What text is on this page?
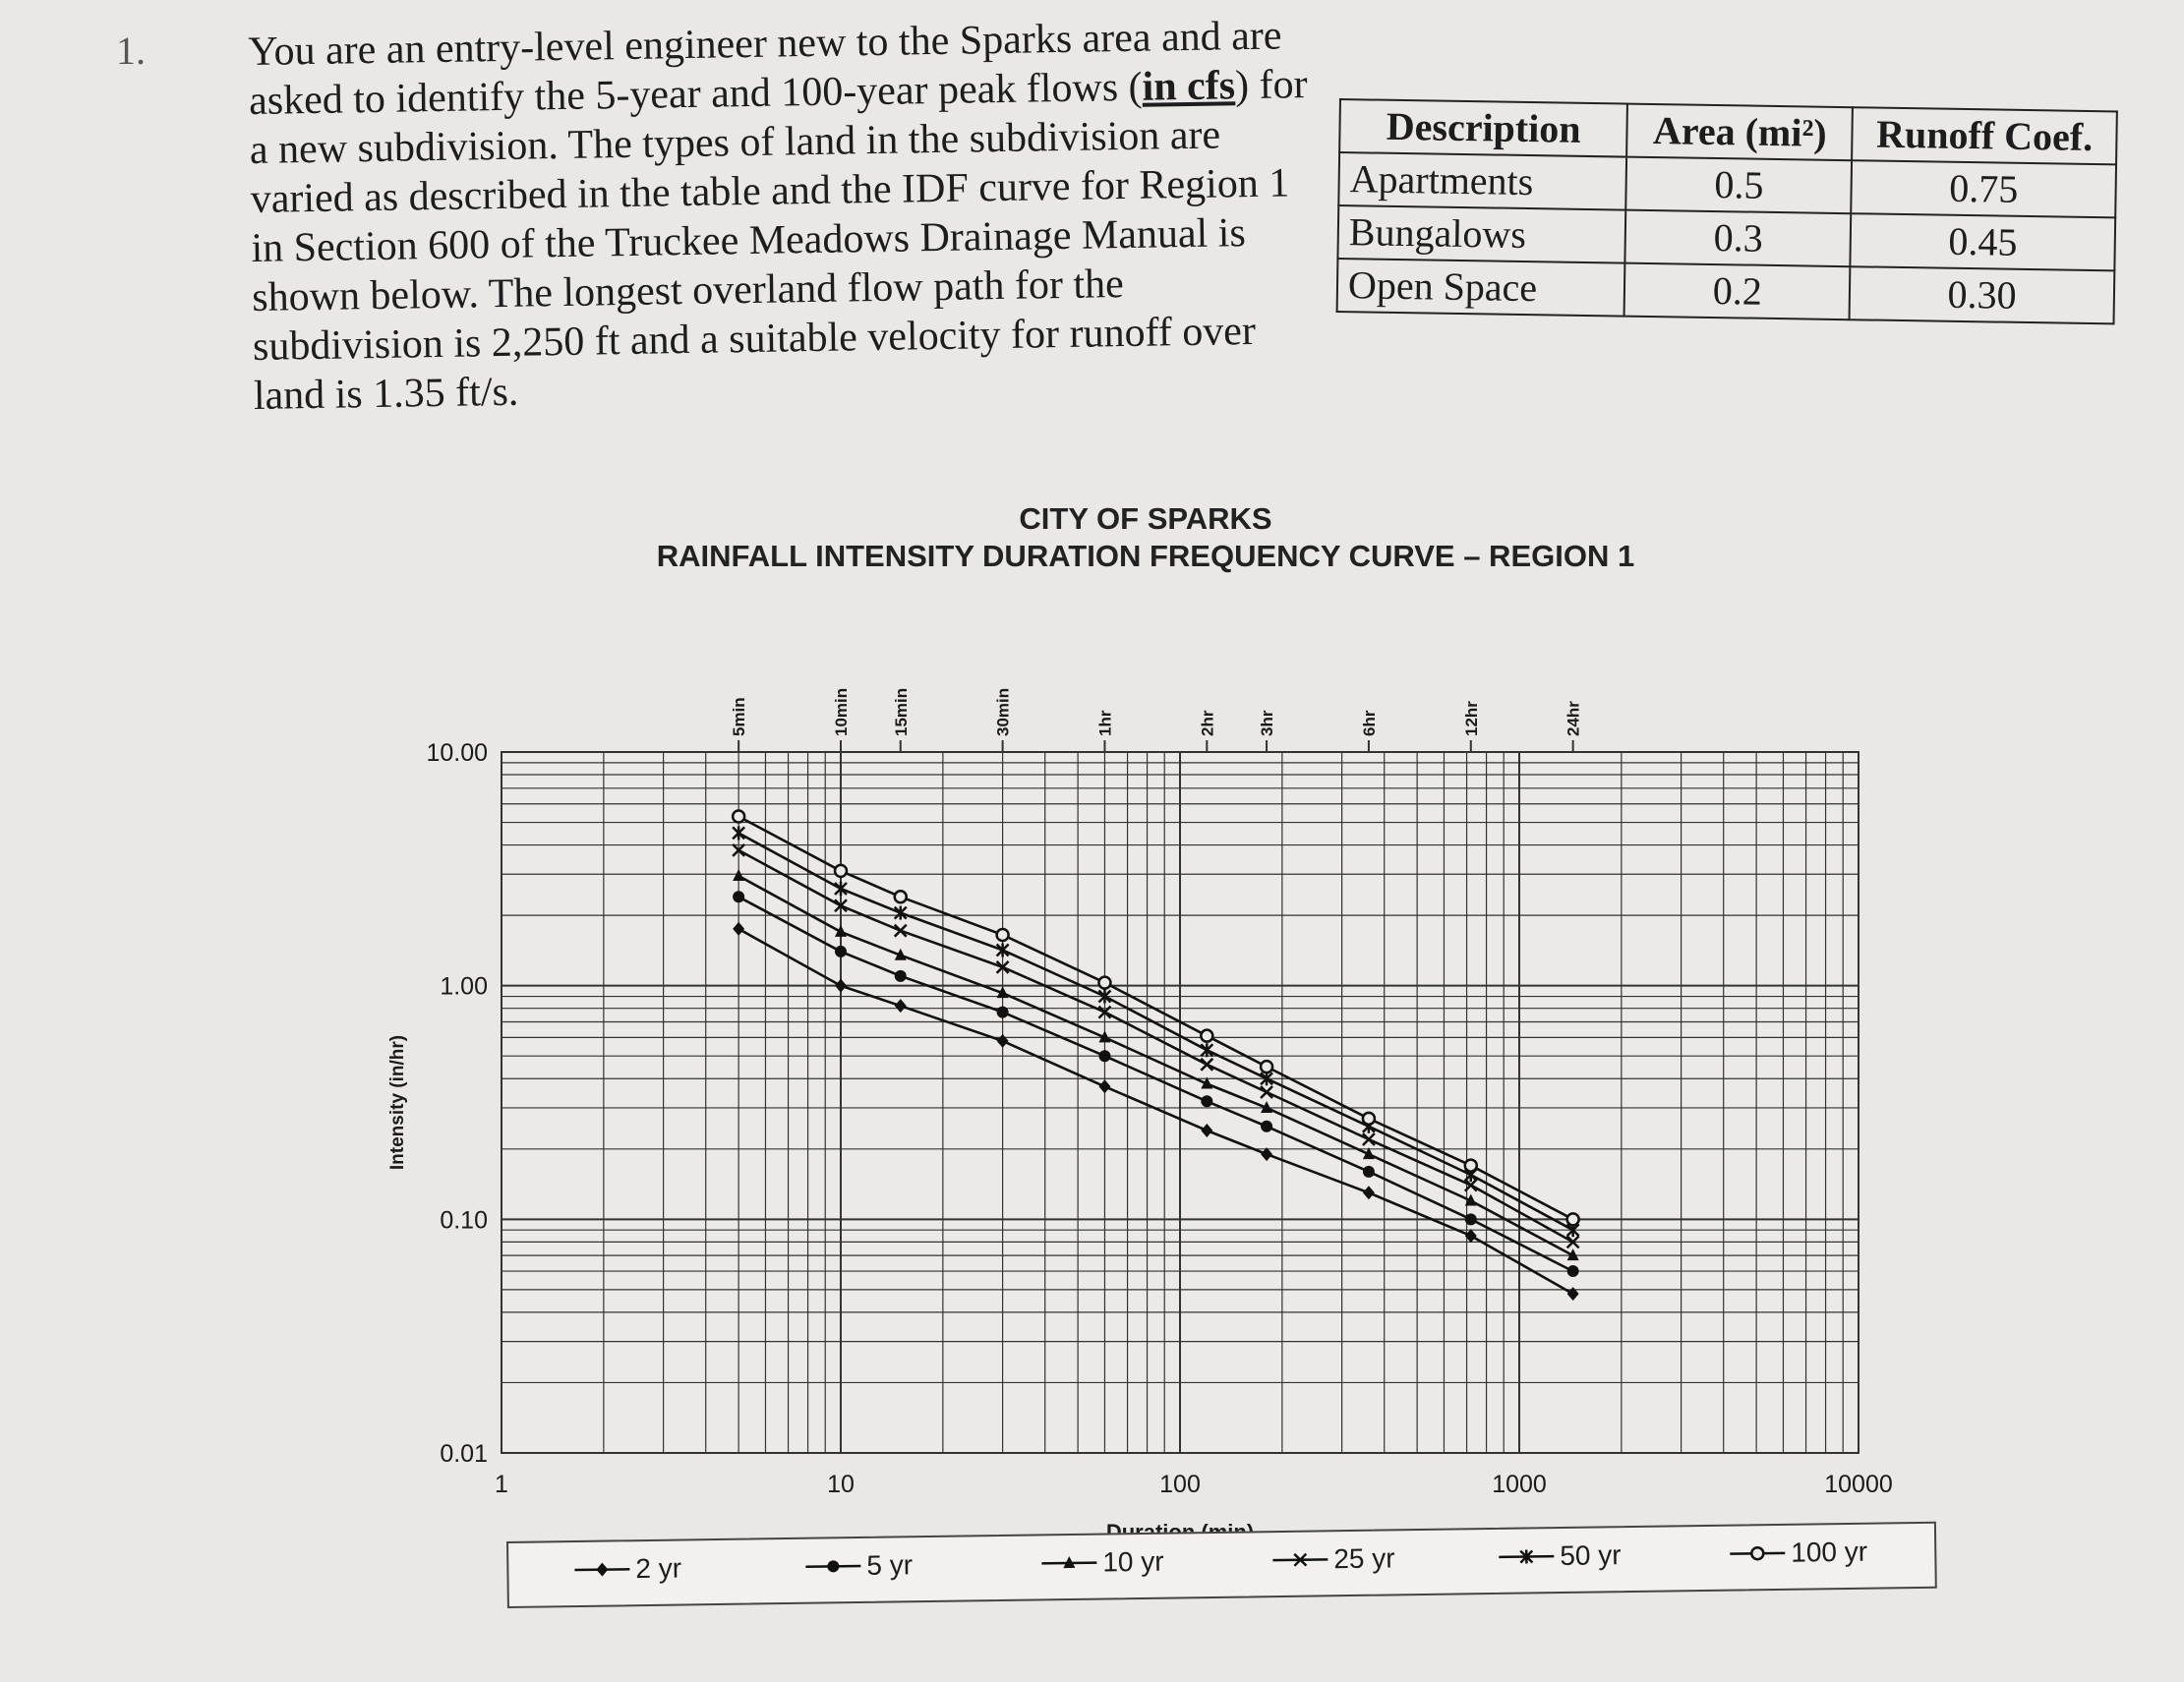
1. You are an entry-level engineer new to the Sparks area and are asked to identify the 5-year and 100-year peak flows (in cfs) for a new subdivision. The types of land in the subdivision are varied as described in the table and the IDF curve for Region 1 in Section 600 of the Truckee Meadows Drainage Manual is shown below. The longest overland flow path for the subdivision is 2,250 ft and a suitable velocity for runoff over land is 1.35 ft/s.
Description	Area (mi²)	Runoff Coef.
Apartments	0.5	0.75
Bungalows	0.3	0.45
Open Space	0.2	0.30
CITY OF SPARKS
RAINFALL INTENSITY DURATION FREQUENCY CURVE – REGION 1
0.01
0.10
1.00
10.00
1	10	100	1000	10000
Intensity (in/hr)
5min	10min 15min	30min	1hr	2hr 3hr	6hr	12hr	24hr
2 yr	5 yr	10 yr	25 yr	50 yr	100 yr
